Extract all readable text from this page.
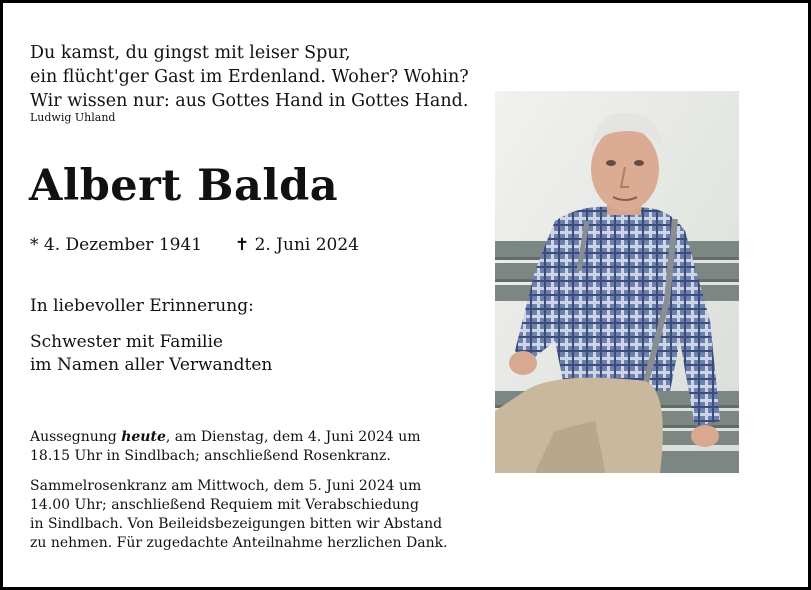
Du kamst, du gingst mit leiser Spur,
ein flücht'ger Gast im Erdenland. Woher? Wohin?
Wir wissen nur: aus Gottes Hand in Gottes Hand.
Ludwig Uhland
Albert Balda
* 4. Dezember 1941 ✝ 2. Juni 2024
In liebevoller Erinnerung:
Schwester mit Familie
im Namen aller Verwandten
Aussegnung heute, am Dienstag, dem 4. Juni 2024 um
18.15 Uhr in Sindlbach; anschließend Rosenkranz.
Sammelrosenkranz am Mittwoch, dem 5. Juni 2024 um
14.00 Uhr; anschließend Requiem mit Verabschiedung
in Sindlbach. Von Beileidsbezeigungen bitten wir Abstand
zu nehmen. Für zugedachte Anteilnahme herzlichen Dank.
